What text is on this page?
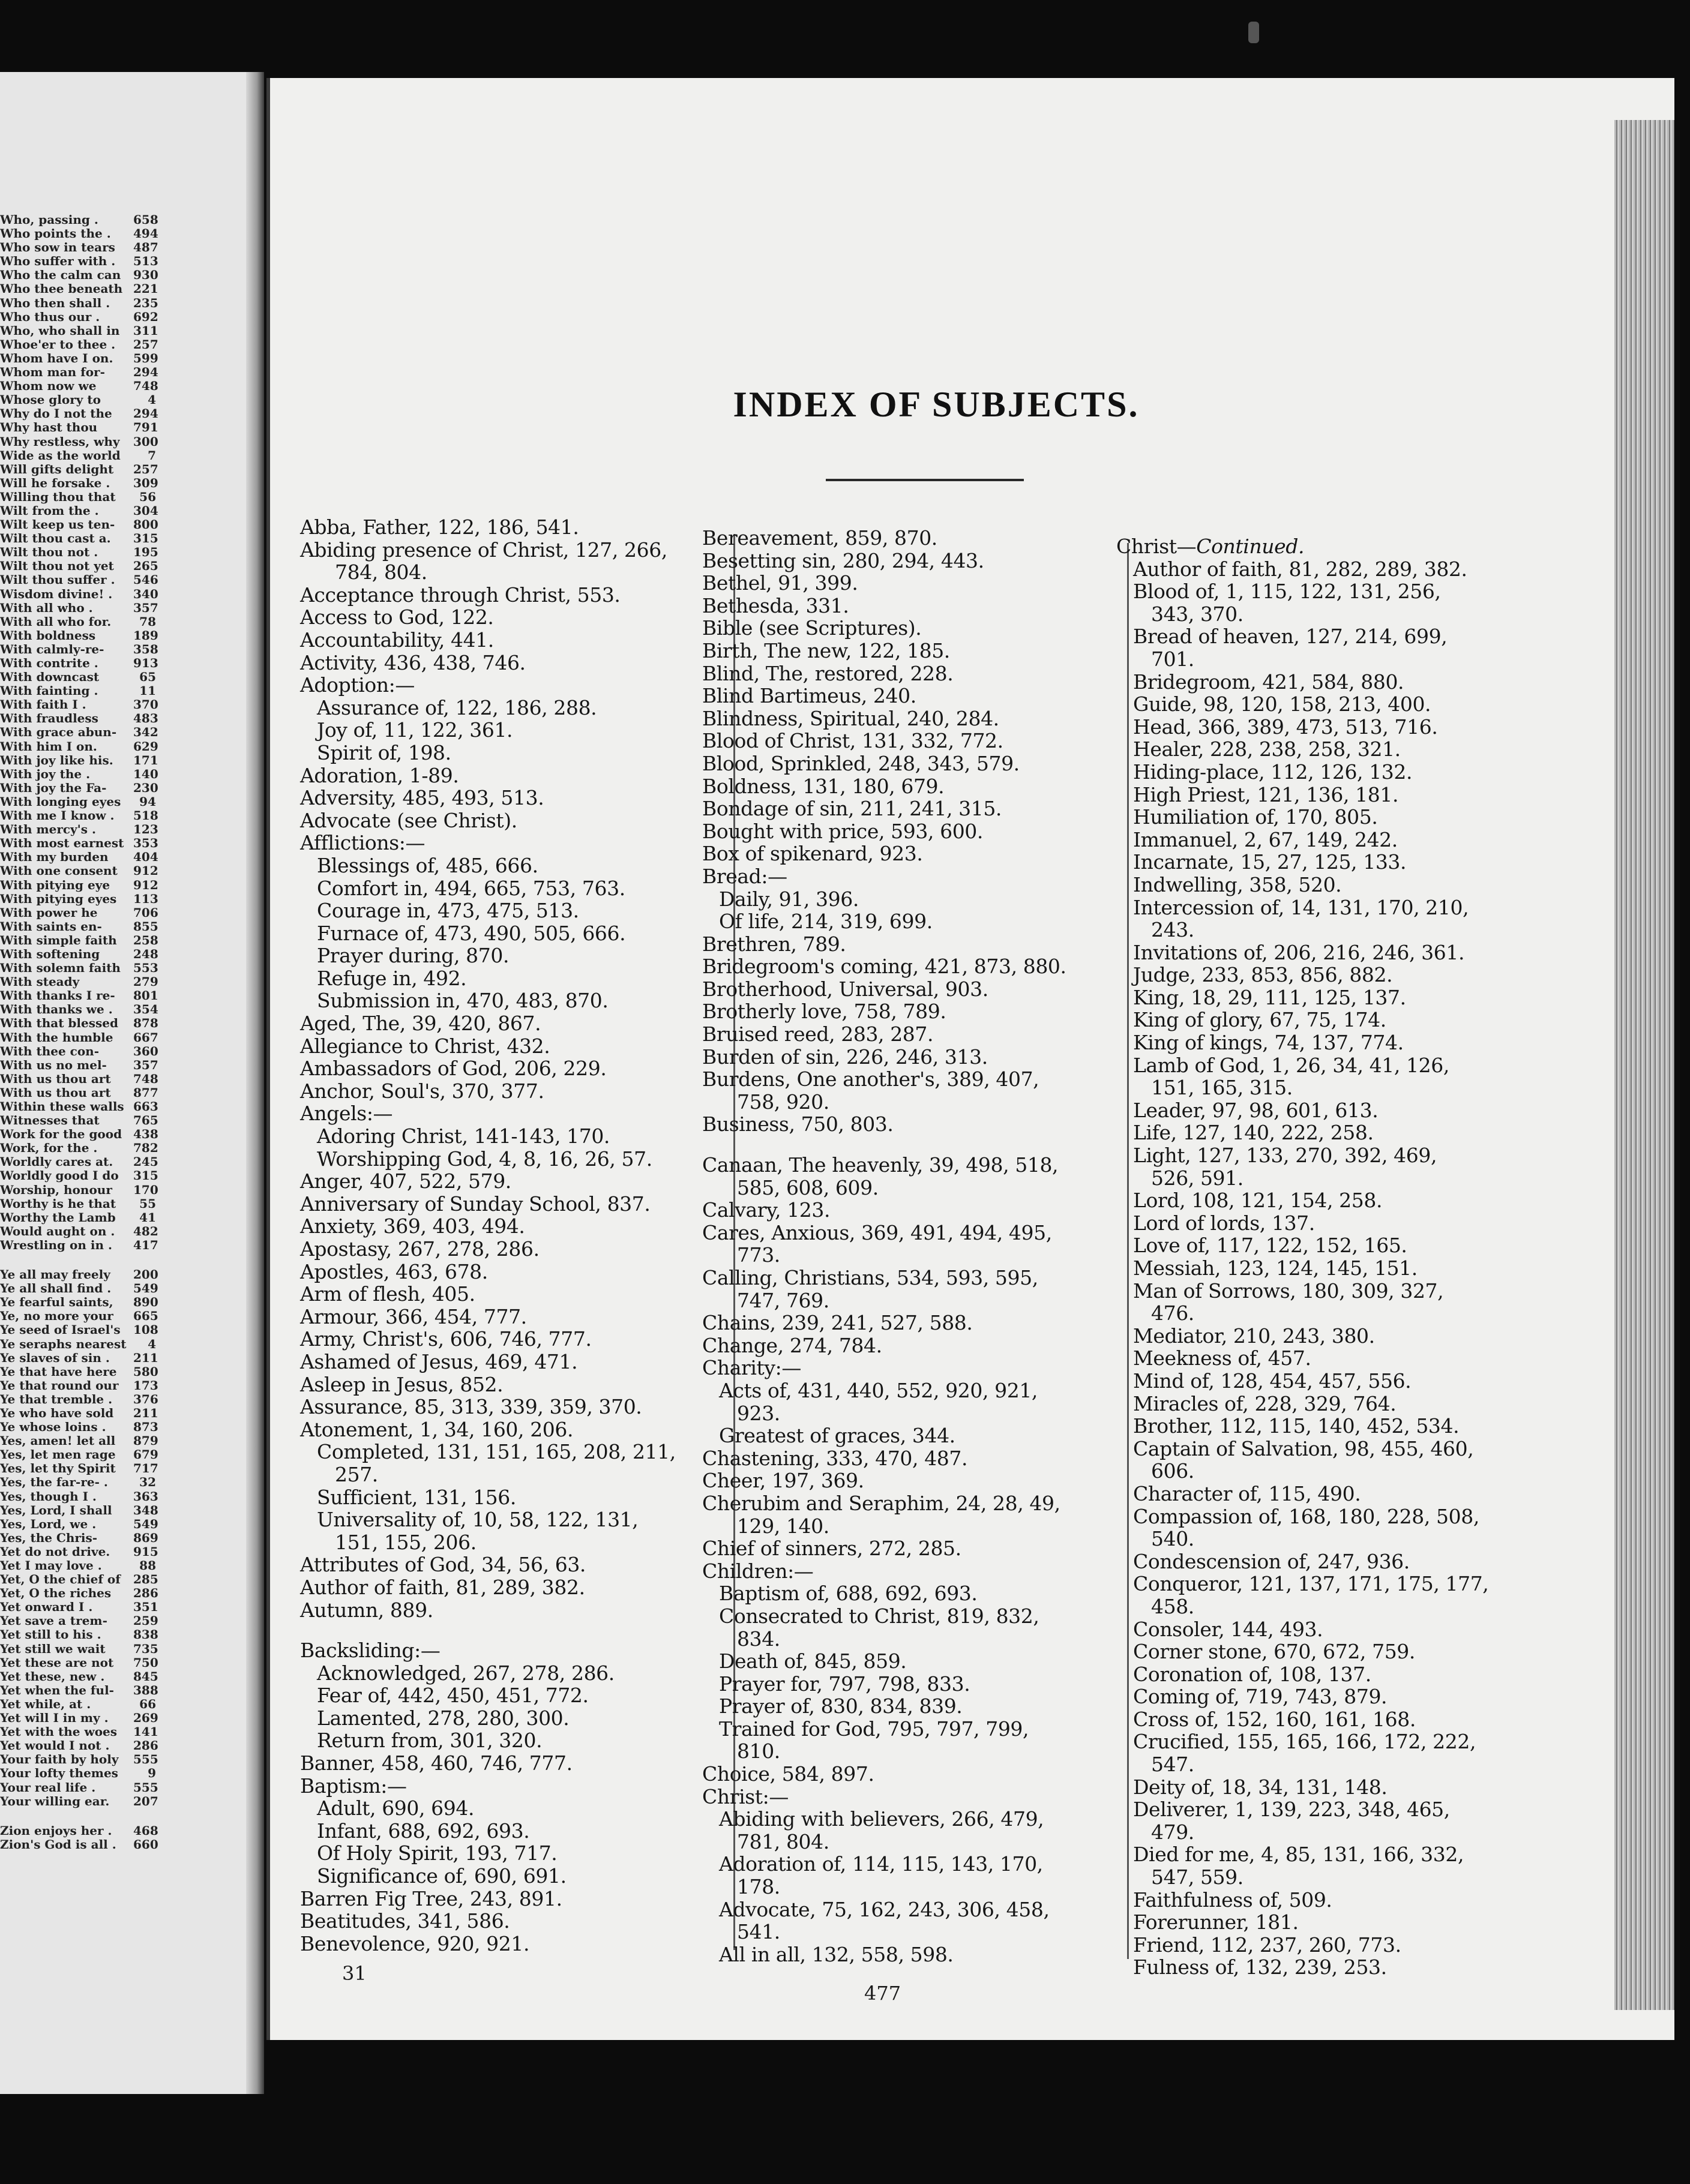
Who, passing .	658
Who points the . 494
Who sow in tears 487
Who suffer with . 513
Who the calm can 930
Who thee beneath 221
Who then shall . 235
Who thus our .	692
Who, who shall in 311
Whoe'er to thee . 257
Whom have I on. 599
Whom man for- 294
Whom now we	748
Whose glory to	4
Why do I not the 294
Why hast thou	791
Why restless, why 300
Wide as the world	7
Will gifts delight 257
Will he forsake . 309
Willing thou that	56
Wilt from the .	304
Wilt keep us ten- 800
Wilt thou cast a. 315
Wilt thou not .	195
Wilt thou not yet 265
Wilt thou suffer . 546
Wisdom divine! . 340
With all who .	357
With all who for.	78
With boldness	189
With calmly-re- 358
With contrite .	913
With downcast	65
With fainting .	11
With faith I .	370
With fraudless	483
With grace abun- 342
With him I on.	629
With joy like his. 171
With joy the .	140
With joy the Fa- 230
With longing eyes	94
With me I know . 518
With mercy's .	123
With most earnest 353
With my burden 404
With one consent 912
With pitying eye 912
With pitying eyes 113
With power he	706
With saints en-	855
With simple faith 258
With softening	248
With solemn faith 553
With steady	279
With thanks I re- 801
With thanks we . 354
With that blessed 878
With the humble 667
With thee con-	360
With us no mel- 357
With us thou art 748
With us thou art 877
Within these walls 663
Witnesses that	765
Work for the good 438
Work, for the .	782
Worldly cares at. 245
Worldly good I do 315
Worship, honour 170
Worthy is he that	55
Worthy the Lamb	41
Would aught on . 482
Wrestling on in . 417
Ye all may freely 200
Ye all shall find . 549
Ye fearful saints, 890
Ye, no more your 665
Ye seed of Israel's 108
Ye seraphs nearest	4
Ye slaves of sin . 211
Ye that have here 580
Ye that round our 173
Ye that tremble . 376
Ye who have sold 211
Ye whose loins . 873
Yes, amen! let all 879
Yes, let men rage 679
Yes, let thy Spirit 717
Yes, the far-re- .	32
Yes, though I .	363
Yes, Lord, I shall 348
Yes, Lord, we .	549
Yes, the Chris-	869
Yet do not drive. 915
Yet I may love .	88
Yet, O the chief of 285
Yet, O the riches 286
Yet onward I .	351
Yet save a trem- 259
Yet still to his .	838
Yet still we wait 735
Yet these are not 750
Yet these, new . 845
Yet when the ful- 388
Yet while, at .	66
Yet will I in my . 269
Yet with the woes 141
Yet would I not . 286
Your faith by holy 555
Your lofty themes	9
Your real life .	555
Your willing ear. 207
Zion enjoys her . 468
Zion's God is all . 660
INDEX OF SUBJECTS.
Abba, Father, 122, 186, 541.
Abiding presence of Christ, 127, 266,
784, 804.
Acceptance through Christ, 553.
Access to God, 122.
Accountability, 441.
Activity, 436, 438, 746.
Adoption:—
Assurance of, 122, 186, 288.
Joy of, 11, 122, 361.
Spirit of, 198.
Adoration, 1-89.
Adversity, 485, 493, 513.
Advocate (see Christ).
Afflictions:—
Blessings of, 485, 666.
Comfort in, 494, 665, 753, 763.
Courage in, 473, 475, 513.
Furnace of, 473, 490, 505, 666.
Prayer during, 870.
Refuge in, 492.
Submission in, 470, 483, 870.
Aged, The, 39, 420, 867.
Allegiance to Christ, 432.
Ambassadors of God, 206, 229.
Anchor, Soul's, 370, 377.
Angels:—
Adoring Christ, 141-143, 170.
Worshipping God, 4, 8, 16, 26, 57.
Anger, 407, 522, 579.
Anniversary of Sunday School, 837.
Anxiety, 369, 403, 494.
Apostasy, 267, 278, 286.
Apostles, 463, 678.
Arm of flesh, 405.
Armour, 366, 454, 777.
Army, Christ's, 606, 746, 777.
Ashamed of Jesus, 469, 471.
Asleep in Jesus, 852.
Assurance, 85, 313, 339, 359, 370.
Atonement, 1, 34, 160, 206.
Completed, 131, 151, 165, 208, 211,
257.
Sufficient, 131, 156.
Universality of, 10, 58, 122, 131,
151, 155, 206.
Attributes of God, 34, 56, 63.
Author of faith, 81, 289, 382.
Autumn, 889.
Backsliding:—
Acknowledged, 267, 278, 286.
Fear of, 442, 450, 451, 772.
Lamented, 278, 280, 300.
Return from, 301, 320.
Banner, 458, 460, 746, 777.
Baptism:—
Adult, 690, 694.
Infant, 688, 692, 693.
Of Holy Spirit, 193, 717.
Significance of, 690, 691.
Barren Fig Tree, 243, 891.
Beatitudes, 341, 586.
Benevolence, 920, 921.
Bereavement, 859, 870.
Besetting sin, 280, 294, 443.
Bethel, 91, 399.
Bethesda, 331.
Bible (see Scriptures).
Birth, The new, 122, 185.
Blind, The, restored, 228.
Blind Bartimeus, 240.
Blindness, Spiritual, 240, 284.
Blood of Christ, 131, 332, 772.
Blood, Sprinkled, 248, 343, 579.
Boldness, 131, 180, 679.
Bondage of sin, 211, 241, 315.
Bought with price, 593, 600.
Box of spikenard, 923.
Bread:—
Daily, 91, 396.
Of life, 214, 319, 699.
Brethren, 789.
Bridegroom's coming, 421, 873, 880.
Brotherhood, Universal, 903.
Brotherly love, 758, 789.
Bruised reed, 283, 287.
Burden of sin, 226, 246, 313.
Burdens, One another's, 389, 407,
758, 920.
Business, 750, 803.
Canaan, The heavenly, 39, 498, 518,
585, 608, 609.
Calvary, 123.
Cares, Anxious, 369, 491, 494, 495,
773.
Calling, Christians, 534, 593, 595,
747, 769.
Chains, 239, 241, 527, 588.
Change, 274, 784.
Charity:—
Acts of, 431, 440, 552, 920, 921,
923.
Greatest of graces, 344.
Chastening, 333, 470, 487.
Cheer, 197, 369.
Cherubim and Seraphim, 24, 28, 49,
129, 140.
Chief of sinners, 272, 285.
Children:—
Baptism of, 688, 692, 693.
Consecrated to Christ, 819, 832,
834.
Death of, 845, 859.
Prayer for, 797, 798, 833.
Prayer of, 830, 834, 839.
Trained for God, 795, 797, 799,
810.
Choice, 584, 897.
Christ:—
Abiding with believers, 266, 479,
781, 804.
Adoration of, 114, 115, 143, 170,
178.
Advocate, 75, 162, 243, 306, 458,
541.
All in all, 132, 558, 598.
Christ—Continued.
Author of faith, 81, 282, 289, 382.
Blood of, 1, 115, 122, 131, 256,
343, 370.
Bread of heaven, 127, 214, 699,
701.
Bridegroom, 421, 584, 880.
Guide, 98, 120, 158, 213, 400.
Head, 366, 389, 473, 513, 716.
Healer, 228, 238, 258, 321.
Hiding-place, 112, 126, 132.
High Priest, 121, 136, 181.
Humiliation of, 170, 805.
Immanuel, 2, 67, 149, 242.
Incarnate, 15, 27, 125, 133.
Indwelling, 358, 520.
Intercession of, 14, 131, 170, 210,
243.
Invitations of, 206, 216, 246, 361.
Judge, 233, 853, 856, 882.
King, 18, 29, 111, 125, 137.
King of glory, 67, 75, 174.
King of kings, 74, 137, 774.
Lamb of God, 1, 26, 34, 41, 126,
151, 165, 315.
Leader, 97, 98, 601, 613.
Life, 127, 140, 222, 258.
Light, 127, 133, 270, 392, 469,
526, 591.
Lord, 108, 121, 154, 258.
Lord of lords, 137.
Love of, 117, 122, 152, 165.
Messiah, 123, 124, 145, 151.
Man of Sorrows, 180, 309, 327,
476.
Mediator, 210, 243, 380.
Meekness of, 457.
Mind of, 128, 454, 457, 556.
Miracles of, 228, 329, 764.
Brother, 112, 115, 140, 452, 534.
Captain of Salvation, 98, 455, 460,
606.
Character of, 115, 490.
Compassion of, 168, 180, 228, 508,
540.
Condescension of, 247, 936.
Conqueror, 121, 137, 171, 175, 177,
458.
Consoler, 144, 493.
Corner stone, 670, 672, 759.
Coronation of, 108, 137.
Coming of, 719, 743, 879.
Cross of, 152, 160, 161, 168.
Crucified, 155, 165, 166, 172, 222,
547.
Deity of, 18, 34, 131, 148.
Deliverer, 1, 139, 223, 348, 465,
479.
Died for me, 4, 85, 131, 166, 332,
547, 559.
Faithfulness of, 509.
Forerunner, 181.
Friend, 112, 237, 260, 773.
Fulness of, 132, 239, 253.
31
477
